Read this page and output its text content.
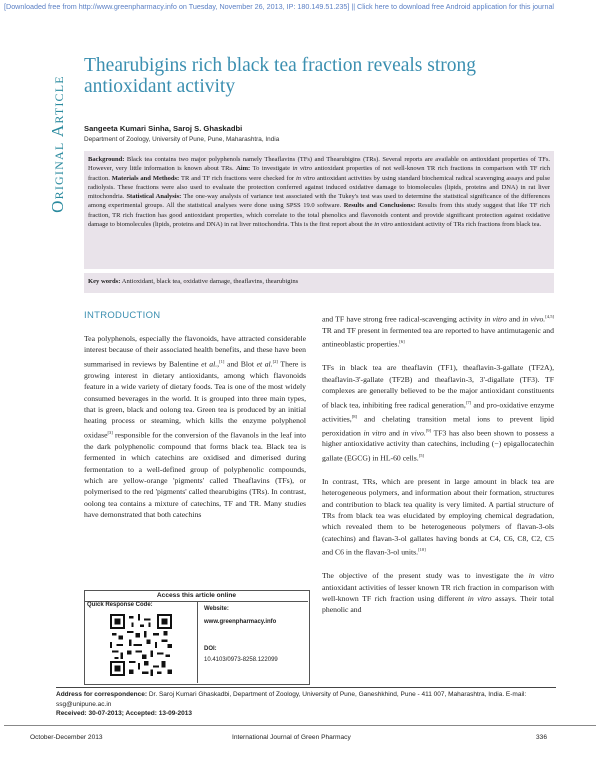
[Downloaded free from http://www.greenpharmacy.info on Tuesday, November 26, 2013, IP: 180.149.51.235] || Click here to download free Android application for this journal
Original Article
Thearubigins rich black tea fraction reveals strong antioxidant activity
Sangeeta Kumari Sinha, Saroj S. Ghaskadbi
Department of Zoology, University of Pune, Pune, Maharashtra, India
Background: Black tea contains two major polyphenols namely Theaflavins (TFs) and Thearubigins (TRs). Several reports are available on antioxidant properties of TFs. However, very little information is known about TRs. Aim: To investigate in vitro antioxidant properties of not well-known TR rich fractions in comparison with TF rich fraction. Materials and Methods: TR and TF rich fractions were checked for in vitro antioxidant activities by using standard biochemical radical scavenging assays and pulse radiolysis. These fractions were also used to evaluate the protection conferred against induced oxidative damage to biomolecules (lipids, proteins and DNA) in rat liver mitochondria. Statistical Analysis: The one-way analysis of variance test associated with the Tukey's test was used to determine the statistical significance of the differences among experimental groups. All the statistical analyses were done using SPSS 19.0 software. Results and Conclusions: Results from this study suggest that like TF rich fraction, TR rich fraction has good antioxidant properties, which correlate to the total phenolics and flavonoids content and provide significant protection against oxidative damage to biomolecules (lipids, proteins and DNA) in rat liver mitochondria. This is the first report about the in vitro antioxidant activity of TRs rich fractions from black tea.
Key words: Antioxidant, black tea, oxidative damage, theaflavins, thearubigins
INTRODUCTION

Tea polyphenols, especially the flavonoids, have attracted considerable interest because of their associated health benefits, and these have been summarised in reviews by Balentine et al.,[1] and Blot et al.[2] There is growing interest in dietary antioxidants, among which flavonoids feature in a wide variety of dietary foods. Tea is one of the most widely consumed beverages in the world. It is grouped into three main types, that is green, black and oolong tea. Green tea is produced by an initial heating process or steaming, which kills the enzyme polyphenol oxidase[3] responsible for the conversion of the flavanols in the leaf into the dark polyphenolic compound that forms black tea. Black tea is fermented in which catechins are oxidised and dimerised during fermentation to a well-defined group of polyphenolic compounds, which are yellow-orange 'pigments' called Theaflavins (TFs), or polymerised to the red 'pigments' called thearubigins (TRs). In contrast, oolong tea contains a mixture of catechins, TF and TR. Many studies have demonstrated that both catechins

and TF have strong free radical-scavenging activity in vitro and in vivo.[4,5] TR and TF present in fermented tea are reported to have antimutagenic and antineoblastic properties.[6]

TFs in black tea are theaflavin (TF1), theaflavin-3-gallate (TF2A), theaflavin-3'-gallate (TF2B) and theaflavin-3, 3'-digallate (TF3). TF complexes are generally believed to be the major antioxidant constituents of black tea, inhibiting free radical generation,[7] and pro-oxidative enzyme activities,[8] and chelating transition metal ions to prevent lipid peroxidation in vitro and in vivo.[9] TF3 has also been shown to possess a higher antioxidative activity than catechins, including (−) epigallocatechin gallate (EGCG) in HL-60 cells.[5]

In contrast, TRs, which are present in large amount in black tea are heterogeneous polymers, and information about their formation, structures and contribution to black tea quality is very limited. A partial structure of TRs from black tea was elucidated by employing chemical degradation, which revealed them to be heterogeneous polymers of flavan-3-ols (catechins) and flavan-3-ol gallates having bonds at C4, C6, C8, C2, C5 and C6 in the flavan-3-ol units.[10]

The objective of the present study was to investigate the in vitro antioxidant activities of lesser known TR rich fraction in comparison with well-known TF rich fraction using different in vitro assays. Their total phenolic and

Access this article online
Quick Response Code:
Website:
www.greenpharmacy.info
DOI:
10.4103/0973-8258.122099
Address for correspondence: Dr. Saroj Kumari Ghaskadbi, Department of Zoology, University of Pune, Ganeshkhind, Pune - 411 007, Maharashtra, India. E-mail: ssg@unipune.ac.in
Received: 30-07-2013; Accepted: 13-09-2013
October-December 2013	International Journal of Green Pharmacy	336
